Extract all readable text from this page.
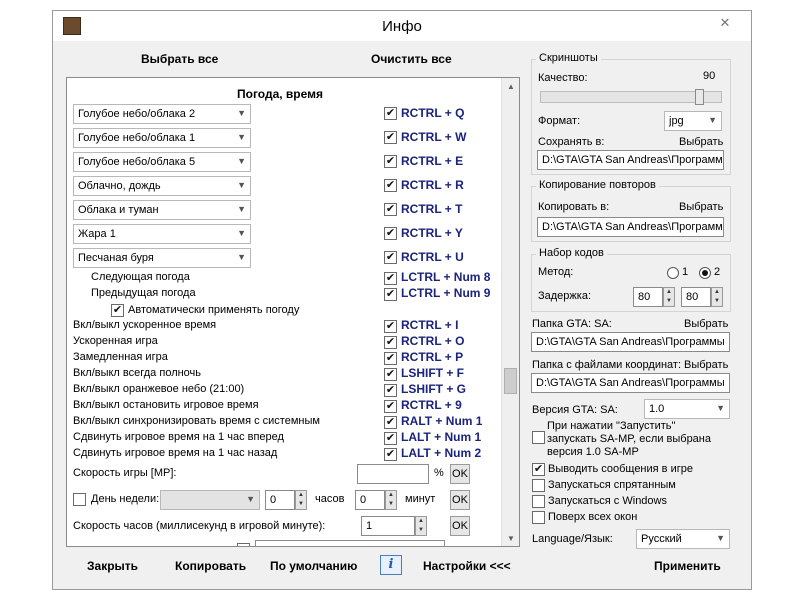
Инфо	✕
Выбрать все	Очистить все
Погода, время
Голубое небо/облака 2	▼	✔ RCTRL + Q
Голубое небо/облака 1	▼	✔ RCTRL + W
Голубое небо/облака 5	▼	✔ RCTRL + E
Облачно, дождь	▼	✔ RCTRL + R
Облака и туман	▼	✔ RCTRL + T
Жара 1	▼	✔ RCTRL + Y
Песчаная буря	▼	✔ RCTRL + U
Следующая погода	✔ LCTRL + Num 8
Предыдущая погода	✔ LCTRL + Num 9
✔ Автоматически применять погоду
Вкл/выкл ускоренное время	✔ RCTRL + I
Ускоренная игра	✔ RCTRL + O
Замедленная игра	✔ RCTRL + P
Вкл/выкл всегда полночь	✔ LSHIFT + F
Вкл/выкл оранжевое небо (21:00)	✔ LSHIFT + G
Вкл/выкл остановить игровое время	✔ RCTRL + 9
Вкл/выкл синхронизировать время с системным	✔ RALT + Num 1
Сдвинуть игровое время на 1 час вперед	✔ LALT + Num 1
Сдвинуть игровое время на 1 час назад	✔ LALT + Num 2
Скорость игры [MP]:	% OK
День недели:	▼	0	▲
▼ часов	0	▲
▼ минут OK
Скорость часов (миллисекунд в игровой минуте):	1	▲
▼	OK
▲
▼
Скриншоты
Качество:	90
Формат:	jpg	▼
Сохранять в:	Выбрать
D:\GTA\GTA San Andreas\Программ
Копирование повторов
Копировать в:	Выбрать
D:\GTA\GTA San Andreas\Программ
Набор кодов
Метод:	1 2
Задержка:	80	▲
▼	80	▲
▼
Папка GTA: SA:	Выбрать
D:\GTA\GTA San Andreas\Программы
Папка с файлами координат: Выбрать
D:\GTA\GTA San Andreas\Программы
Версия GTA: SA:	1.0	▼
При нажатии "Запустить" запускать SA-MP, если выбрана версия 1.0 SA-MP
✔ Выводить сообщения в игре
Запускаться спрятанным
Запускаться с Windows
Поверх всех окон
Language/Язык:	Русский	▼
Закрыть	Копировать По умолчанию	i	Настройки <<<	Применить
